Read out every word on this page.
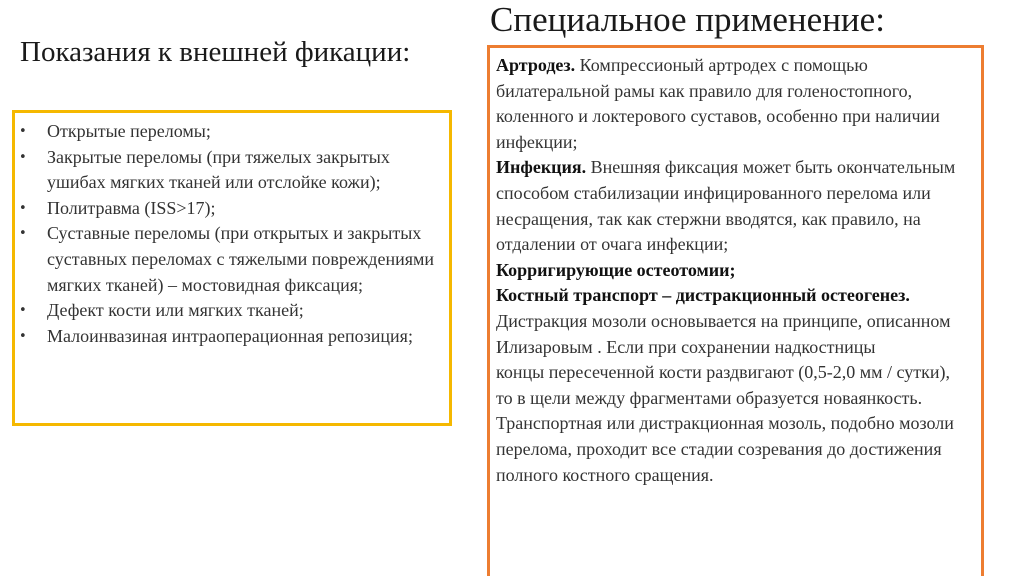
Показания к внешней фикации:
Специальное применение:
• Открытые переломы;
• Закрытые переломы (при тяжелых закрытых ушибах мягких тканей или отслойке кожи);
• Политравма (ISS>17);
• Суставные переломы (при открытых и закрытых суставных переломах с тяжелыми повреждениями мягких тканей) – мостовидная фиксация;
• Дефект кости или мягких тканей;
• Малоинвазиная интраоперационная репозиция;

Артродез. Компрессионый артродех с помощью билатеральной рамы как правило для голеностопного, коленного и локтерового суставов, особенно при наличии инфекции;

Инфекция. Внешняя фиксация может быть окончательным способом стабилизации инфицированного перелома или несращения, так как стержни вводятся, как правило, на отдалении от очага инфекции;

Корригирующие остеотомии;

Костный транспорт – дистракционный остеогенез. Дистракция мозоли основывается на принципе, описанном Илизаровым . Если при сохранении надкостницы

концы пересеченной кости раздвигают (0,5-2,0 мм / сутки),

то в щели между фрагментами образуется новаянкость. Транспортная или дистракционная мозоль, подобно мозоли перелома, проходит все стадии созревания до достижения полного костного сращения.
